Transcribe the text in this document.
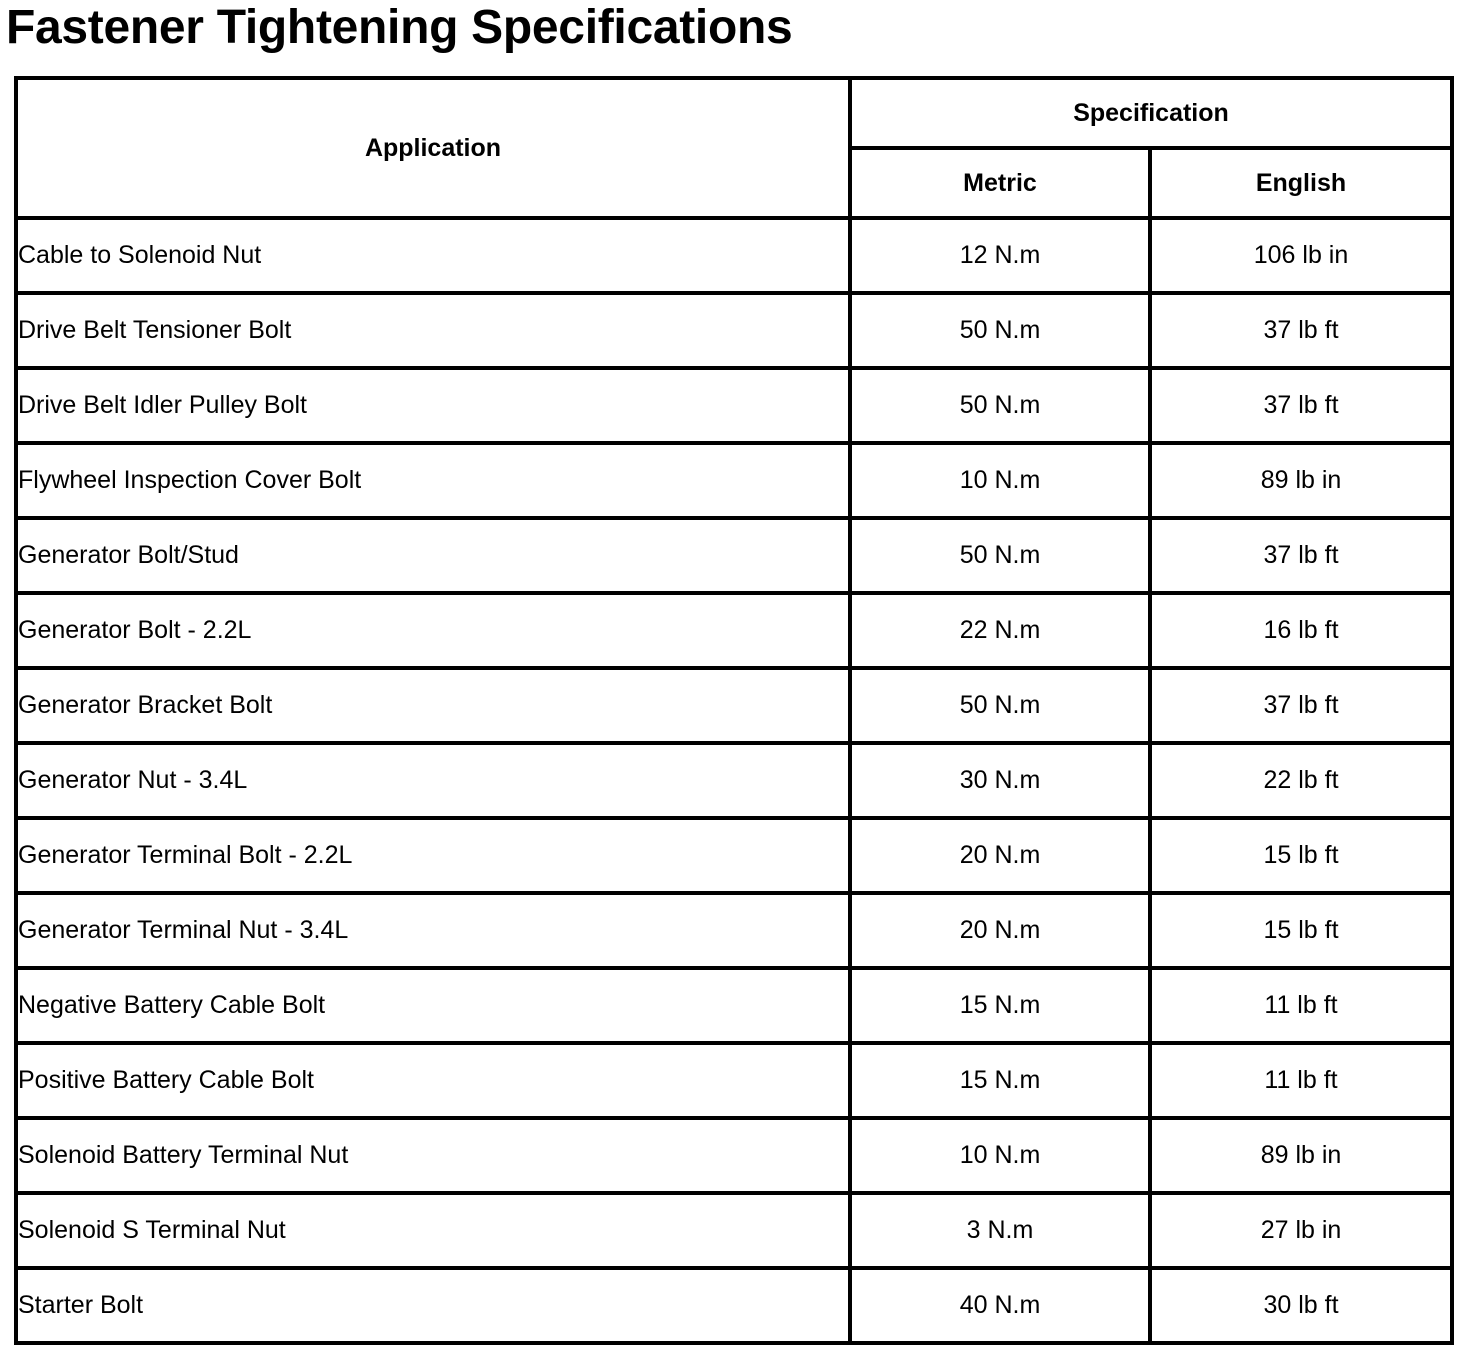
Fastener Tightening Specifications
Application	Specification	
	Metric	English
Cable to Solenoid Nut	12 N.m	106 lb in
Drive Belt Tensioner Bolt	50 N.m	37 lb ft
Drive Belt Idler Pulley Bolt	50 N.m	37 lb ft
Flywheel Inspection Cover Bolt	10 N.m	89 lb in
Generator Bolt/Stud	50 N.m	37 lb ft
Generator Bolt - 2.2L	22 N.m	16 lb ft
Generator Bracket Bolt	50 N.m	37 lb ft
Generator Nut - 3.4L	30 N.m	22 lb ft
Generator Terminal Bolt - 2.2L	20 N.m	15 lb ft
Generator Terminal Nut - 3.4L	20 N.m	15 lb ft
Negative Battery Cable Bolt	15 N.m	11 lb ft
Positive Battery Cable Bolt	15 N.m	11 lb ft
Solenoid Battery Terminal Nut	10 N.m	89 lb in
Solenoid S Terminal Nut	3 N.m	27 lb in
Starter Bolt	40 N.m	30 lb ft
